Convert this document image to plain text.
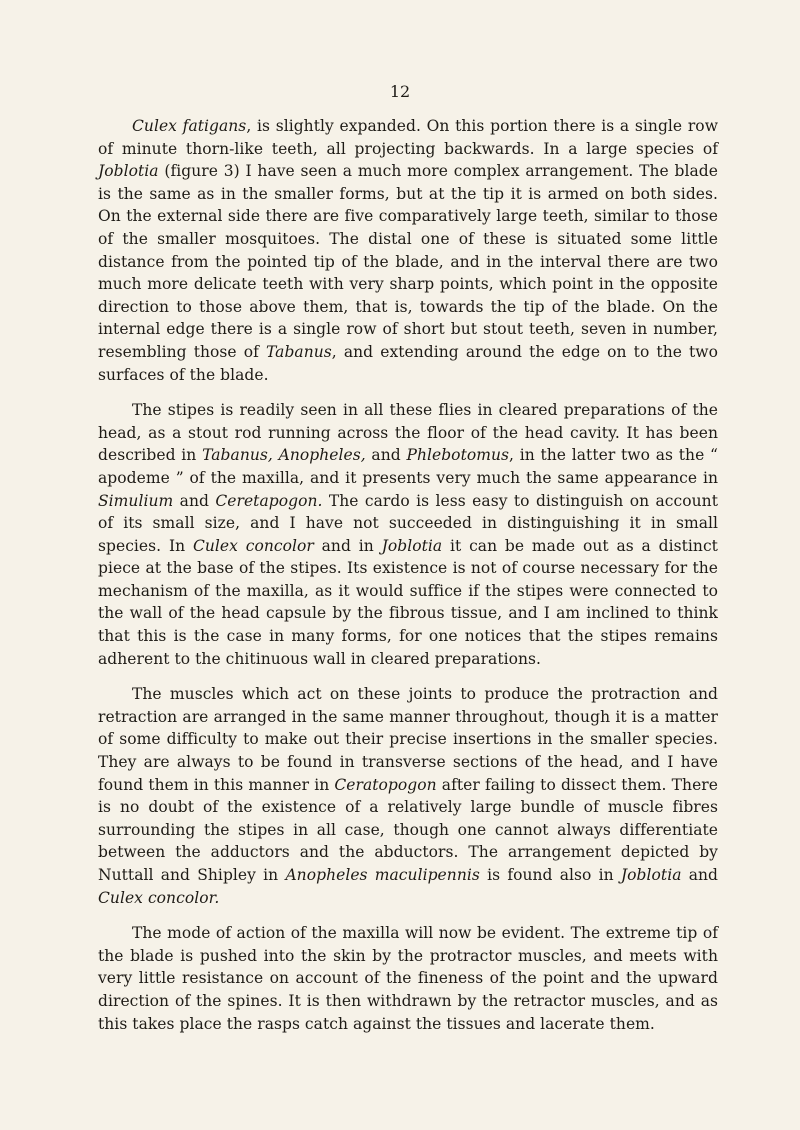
12

Culex fatigans, is slightly expanded. On this portion there is a single row of minute thorn-like teeth, all projecting backwards. In a large species of Joblotia (figure 3) I have seen a much more complex arrangement. The blade is the same as in the smaller forms, but at the tip it is armed on both sides. On the external side there are five comparatively large teeth, similar to those of the smaller mosquitoes. The distal one of these is situated some little distance from the pointed tip of the blade, and in the interval there are two much more delicate teeth with very sharp points, which point in the opposite direction to those above them, that is, towards the tip of the blade. On the internal edge there is a single row of short but stout teeth, seven in number, resembling those of Tabanus, and extending around the edge on to the two surfaces of the blade.

The stipes is readily seen in all these flies in cleared preparations of the head, as a stout rod running across the floor of the head cavity. It has been described in Tabanus, Anopheles, and Phlebotomus, in the latter two as the “ apodeme ” of the maxilla, and it presents very much the same appearance in Simulium and Ceretapogon. The cardo is less easy to distinguish on account of its small size, and I have not succeeded in distinguishing it in small species. In Culex concolor and in Joblotia it can be made out as a distinct piece at the base of the stipes. Its existence is not of course necessary for the mechanism of the maxilla, as it would suffice if the stipes were connected to the wall of the head capsule by the fibrous tissue, and I am inclined to think that this is the case in many forms, for one notices that the stipes remains adherent to the chitinuous wall in cleared preparations.

The muscles which act on these joints to produce the protraction and retraction are arranged in the same manner throughout, though it is a matter of some difficulty to make out their precise insertions in the smaller species. They are always to be found in transverse sections of the head, and I have found them in this manner in Ceratopogon after failing to dissect them. There is no doubt of the existence of a relatively large bundle of muscle fibres surrounding the stipes in all case, though one cannot always differentiate between the adductors and the abductors. The arrangement depicted by Nuttall and Shipley in Anopheles maculipennis is found also in Joblotia and Culex concolor.

The mode of action of the maxilla will now be evident. The extreme tip of the blade is pushed into the skin by the protractor muscles, and meets with very little resistance on account of the fineness of the point and the upward direction of the spines. It is then withdrawn by the retractor muscles, and as this takes place the rasps catch against the tissues and lacerate them.
